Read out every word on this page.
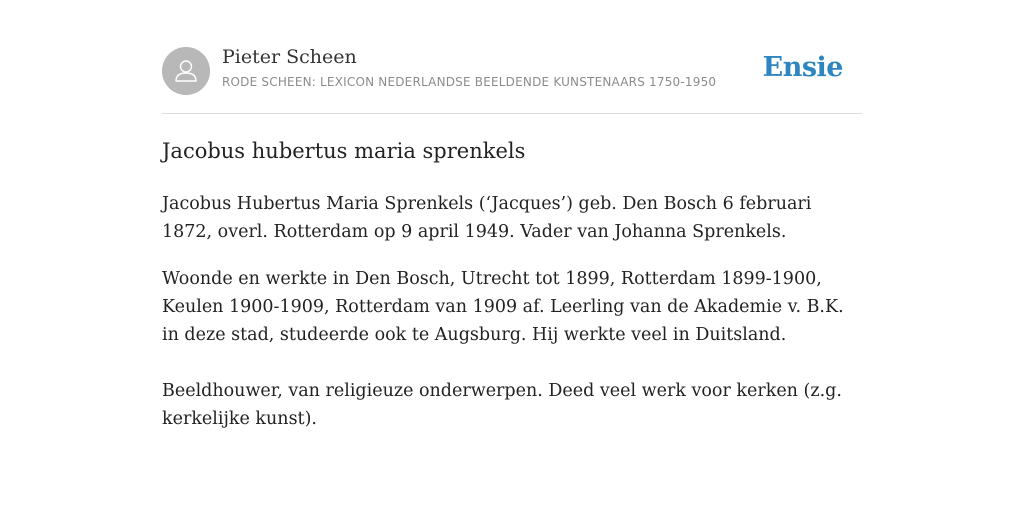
Pieter Scheen
RODE SCHEEN: LEXICON NEDERLANDSE BEELDENDE KUNSTENAARS 1750-1950 Ensie
Jacobus hubertus maria sprenkels

Jacobus Hubertus Maria Sprenkels (‘Jacques’) geb. Den Bosch 6 februari 1872, overl. Rotterdam op 9 april 1949. Vader van Johanna Sprenkels.

Woonde en werkte in Den Bosch, Utrecht tot 1899, Rotterdam 1899-1900, Keulen 1900-1909, Rotterdam van 1909 af. Leerling van de Akademie v. B.K. in deze stad, studeerde ook te Augsburg. Hij werkte veel in Duitsland.

Beeldhouwer, van religieuze onderwerpen. Deed veel werk voor kerken (z.g. kerkelijke kunst).
